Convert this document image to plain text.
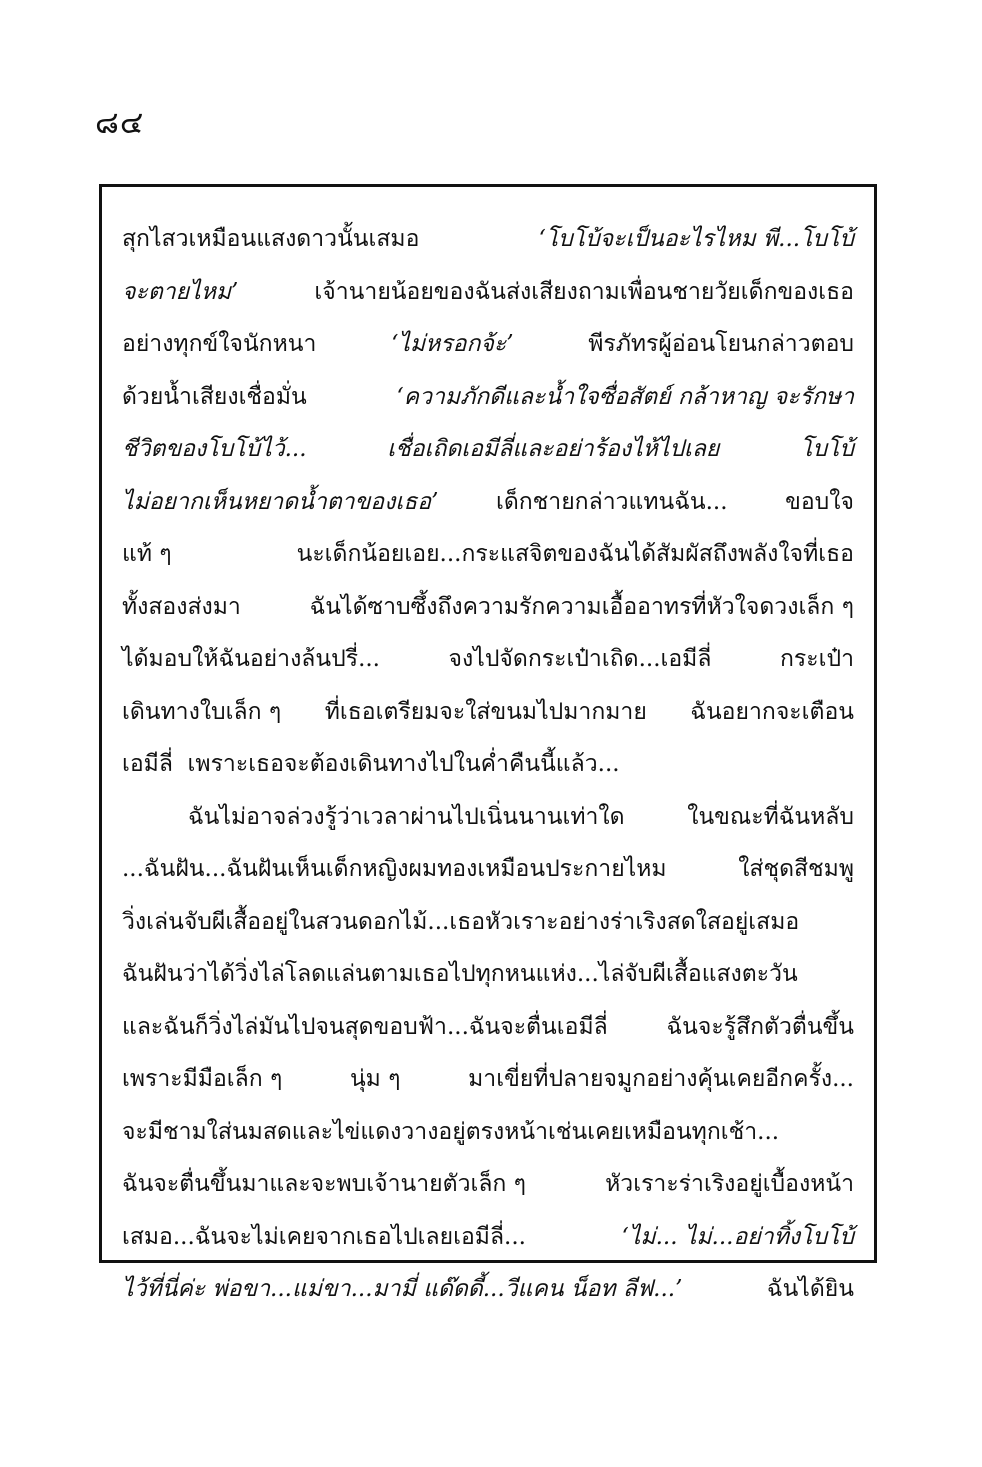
๘๔
สุกไสวเหมือนแสงดาวนั้นเสมอ	‘โบโบ้จะเป็นอะไรไหม พี...โบโบ้
จะตายไหม’	เจ้านายน้อยของฉันส่งเสียงถามเพื่อนชายวัยเด็กของเธอ
อย่างทุกข์ใจนักหนา	‘ไม่หรอกจ้ะ’	พีรภัทรผู้อ่อนโยนกล่าวตอบ
ด้วยน้ำเสียงเชื่อมั่น	‘ความภักดีและน้ำใจซื่อสัตย์ กล้าหาญ จะรักษา
ชีวิตของโบโบ้ไว้...	เชื่อเถิดเอมีลี่และอย่าร้องไห้ไปเลย	โบโบ้
ไม่อยากเห็นหยาดน้ำตาของเธอ’	เด็กชายกล่าวแทนฉัน...	ขอบใจ
แท้ ๆ	นะเด็กน้อยเอย...กระแสจิตของฉันได้สัมผัสถึงพลังใจที่เธอ
ทั้งสองส่งมา	ฉันได้ซาบซึ้งถึงความรักความเอื้ออาทรที่หัวใจดวงเล็ก ๆ
ได้มอบให้ฉันอย่างล้นปรี่...	จงไปจัดกระเป๋าเถิด...เอมีลี่	กระเป๋า
เดินทางใบเล็ก ๆ ที่เธอเตรียมจะใส่ขนมไปมากมาย ฉันอยากจะเตือน
เอมีลี่  เพราะเธอจะต้องเดินทางไปในค่ำคืนนี้แล้ว...
ฉันไม่อาจล่วงรู้ว่าเวลาผ่านไปเนิ่นนานเท่าใด	ในขณะที่ฉันหลับ
...ฉันฝัน...ฉันฝันเห็นเด็กหญิงผมทองเหมือนประกายไหม	ใส่ชุดสีชมพู
วิ่งเล่นจับผีเสื้ออยู่ในสวนดอกไม้...เธอหัวเราะอย่างร่าเริงสดใสอยู่เสมอ
ฉันฝันว่าได้วิ่งไล่โลดแล่นตามเธอไปทุกหนแห่ง...ไล่จับผีเสื้อแสงตะวัน
และฉันก็วิ่งไล่มันไปจนสุดขอบฟ้า...ฉันจะตื่นเอมีลี่	ฉันจะรู้สึกตัวตื่นขึ้น
เพราะมีมือเล็ก ๆ	นุ่ม ๆ	มาเขี่ยที่ปลายจมูกอย่างคุ้นเคยอีกครั้ง...
จะมีชามใส่นมสดและไข่แดงวางอยู่ตรงหน้าเช่นเคยเหมือนทุกเช้า...
ฉันจะตื่นขึ้นมาและจะพบเจ้านายตัวเล็ก ๆ	หัวเราะร่าเริงอยู่เบื้องหน้า
เสมอ...ฉันจะไม่เคยจากเธอไปเลยเอมีลี่...	‘ไม่... ไม่...อย่าทิ้งโบโบ้
ไว้ที่นี่ค่ะ พ่อขา...แม่ขา...มามี่ แด๊ดดี้...วีแคน น็อท ลีฟ...’	ฉันได้ยิน
